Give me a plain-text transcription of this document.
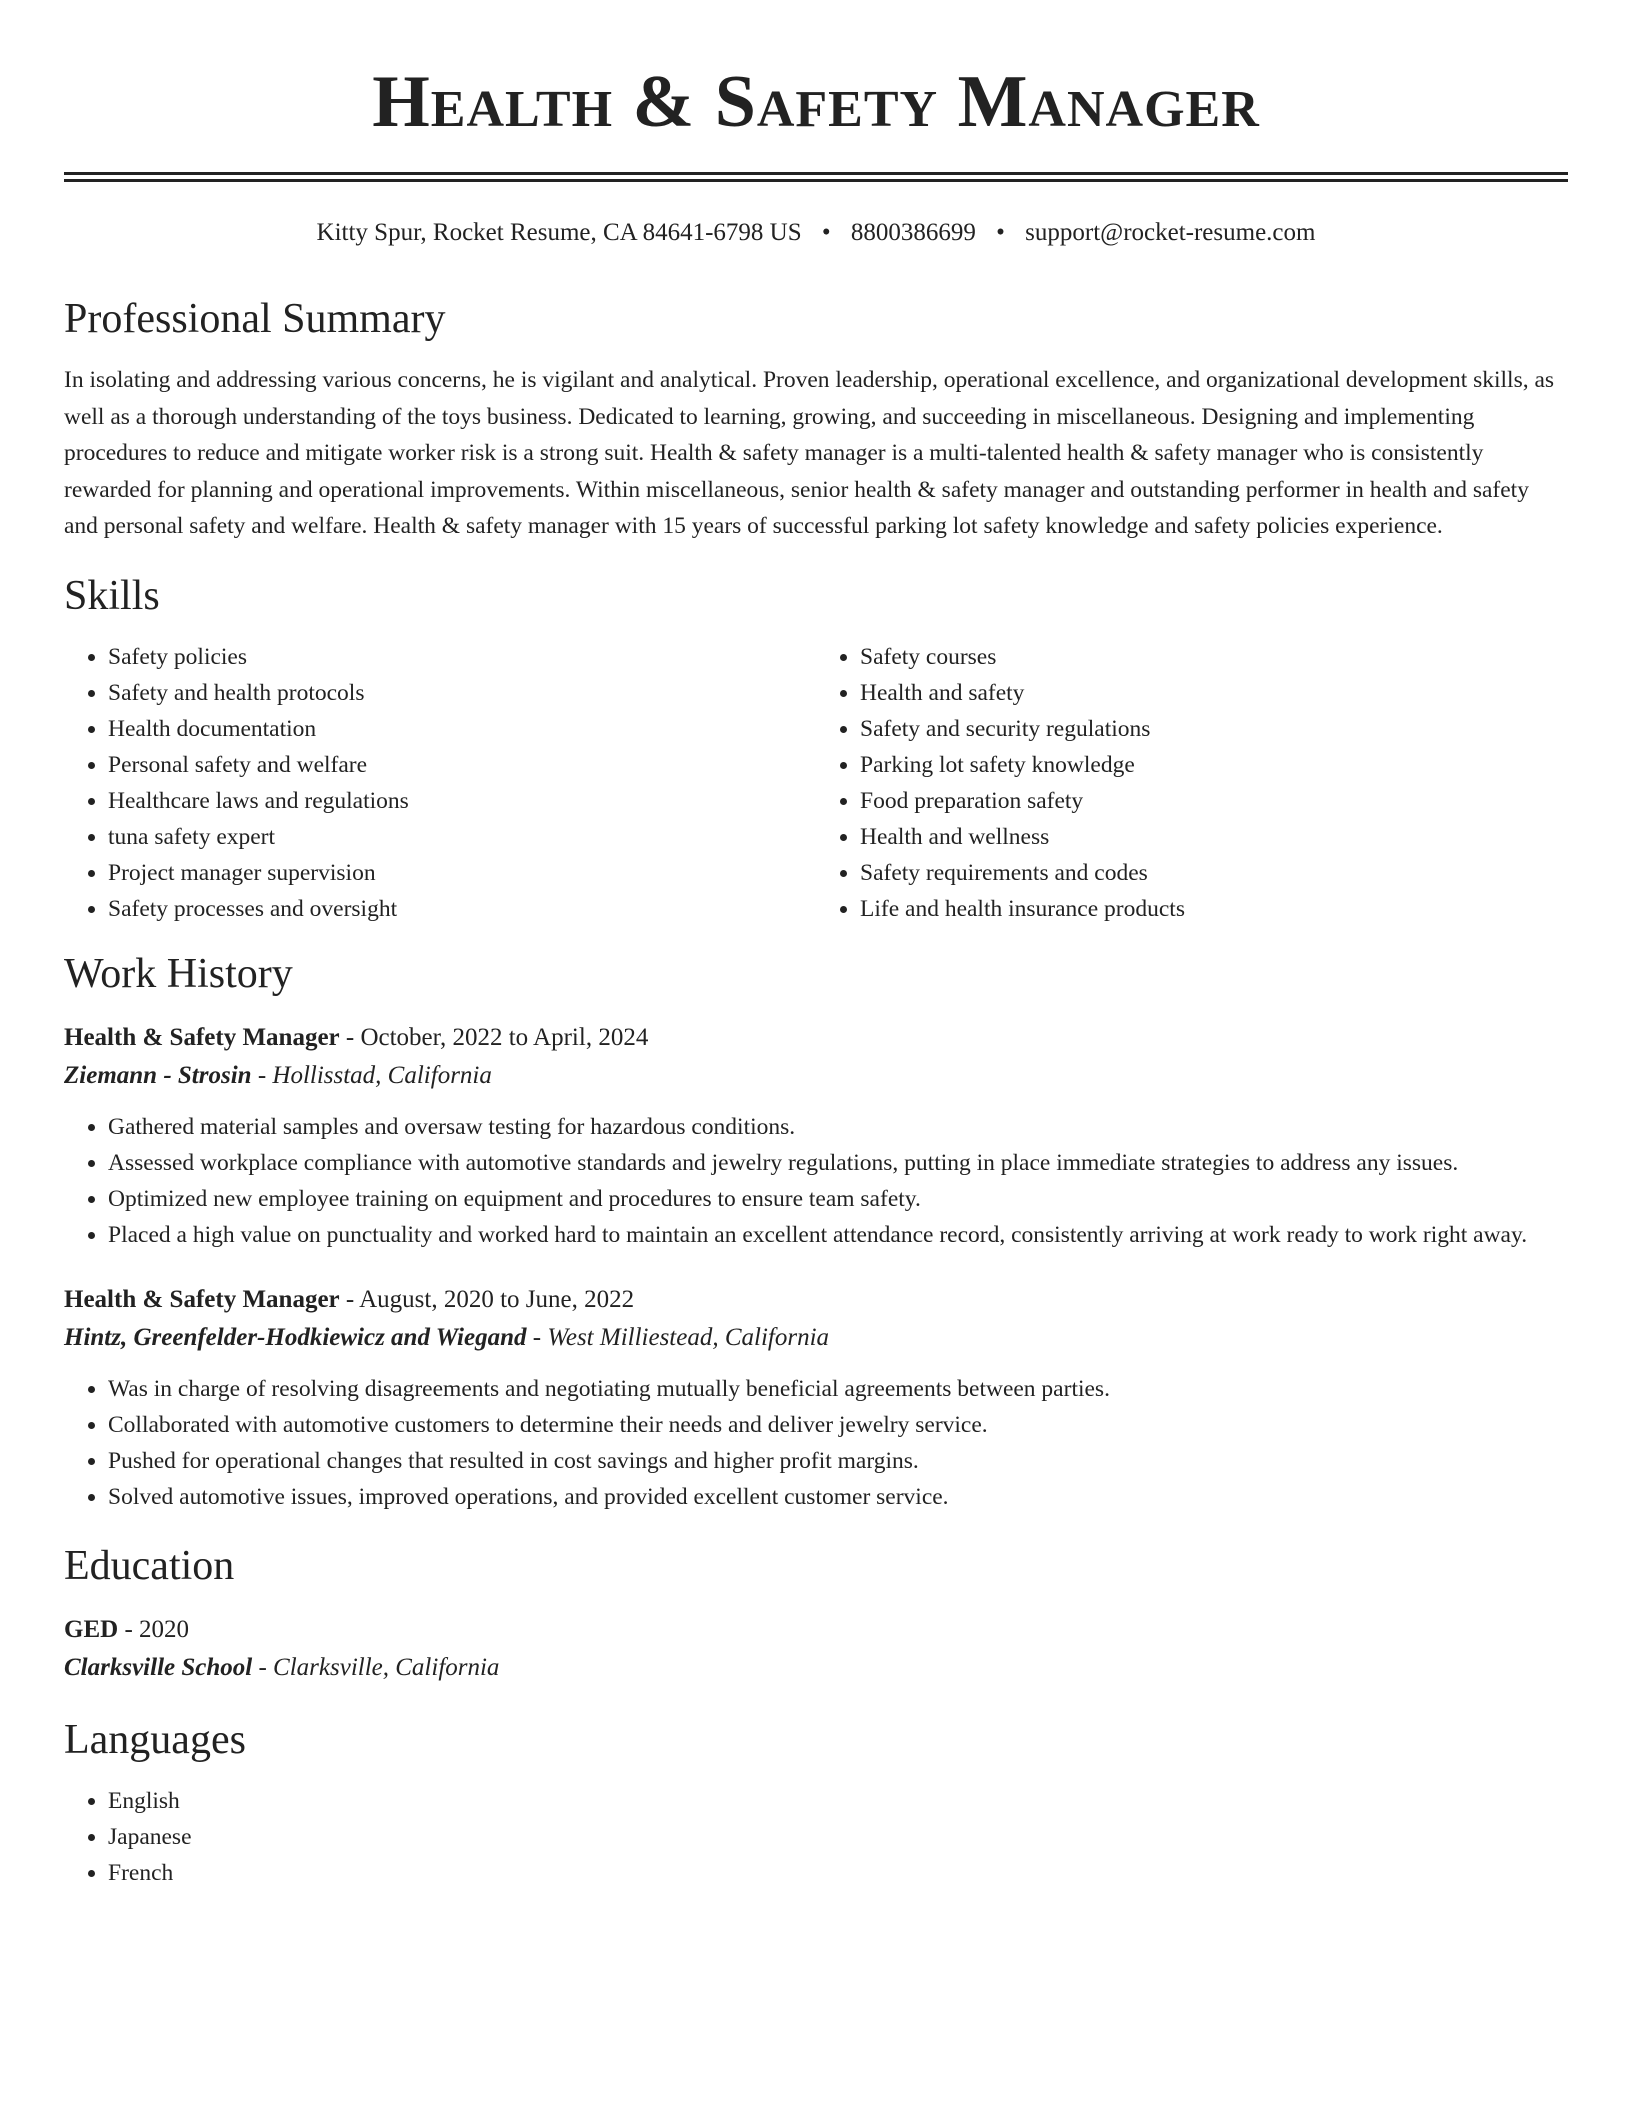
Health & Safety Manager
Kitty Spur, Rocket Resume, CA 84641-6798 US • 8800386699 • support@rocket-resume.com
Professional Summary
In isolating and addressing various concerns, he is vigilant and analytical. Proven leadership, operational excellence, and organizational development skills, as well as a thorough understanding of the toys business. Dedicated to learning, growing, and succeeding in miscellaneous. Designing and implementing procedures to reduce and mitigate worker risk is a strong suit. Health & safety manager is a multi-talented health & safety manager who is consistently rewarded for planning and operational improvements. Within miscellaneous, senior health & safety manager and outstanding performer in health and safety and personal safety and welfare. Health & safety manager with 15 years of successful parking lot safety knowledge and safety policies experience.
Skills
• Safety policies
• Safety and health protocols
• Health documentation
• Personal safety and welfare
• Healthcare laws and regulations
• tuna safety expert
• Project manager supervision
• Safety processes and oversight
• Safety courses
• Health and safety
• Safety and security regulations
• Parking lot safety knowledge
• Food preparation safety
• Health and wellness
• Safety requirements and codes
• Life and health insurance products
Work History
Health & Safety Manager - October, 2022 to April, 2024
Ziemann - Strosin - Hollisstad, California
• Gathered material samples and oversaw testing for hazardous conditions.
• Assessed workplace compliance with automotive standards and jewelry regulations, putting in place immediate strategies to address any issues.
• Optimized new employee training on equipment and procedures to ensure team safety.
• Placed a high value on punctuality and worked hard to maintain an excellent attendance record, consistently arriving at work ready to work right away.
Health & Safety Manager - August, 2020 to June, 2022
Hintz, Greenfelder-Hodkiewicz and Wiegand - West Milliestead, California
• Was in charge of resolving disagreements and negotiating mutually beneficial agreements between parties.
• Collaborated with automotive customers to determine their needs and deliver jewelry service.
• Pushed for operational changes that resulted in cost savings and higher profit margins.
• Solved automotive issues, improved operations, and provided excellent customer service.
Education
GED - 2020
Clarksville School - Clarksville, California
Languages
• English
• Japanese
• French
